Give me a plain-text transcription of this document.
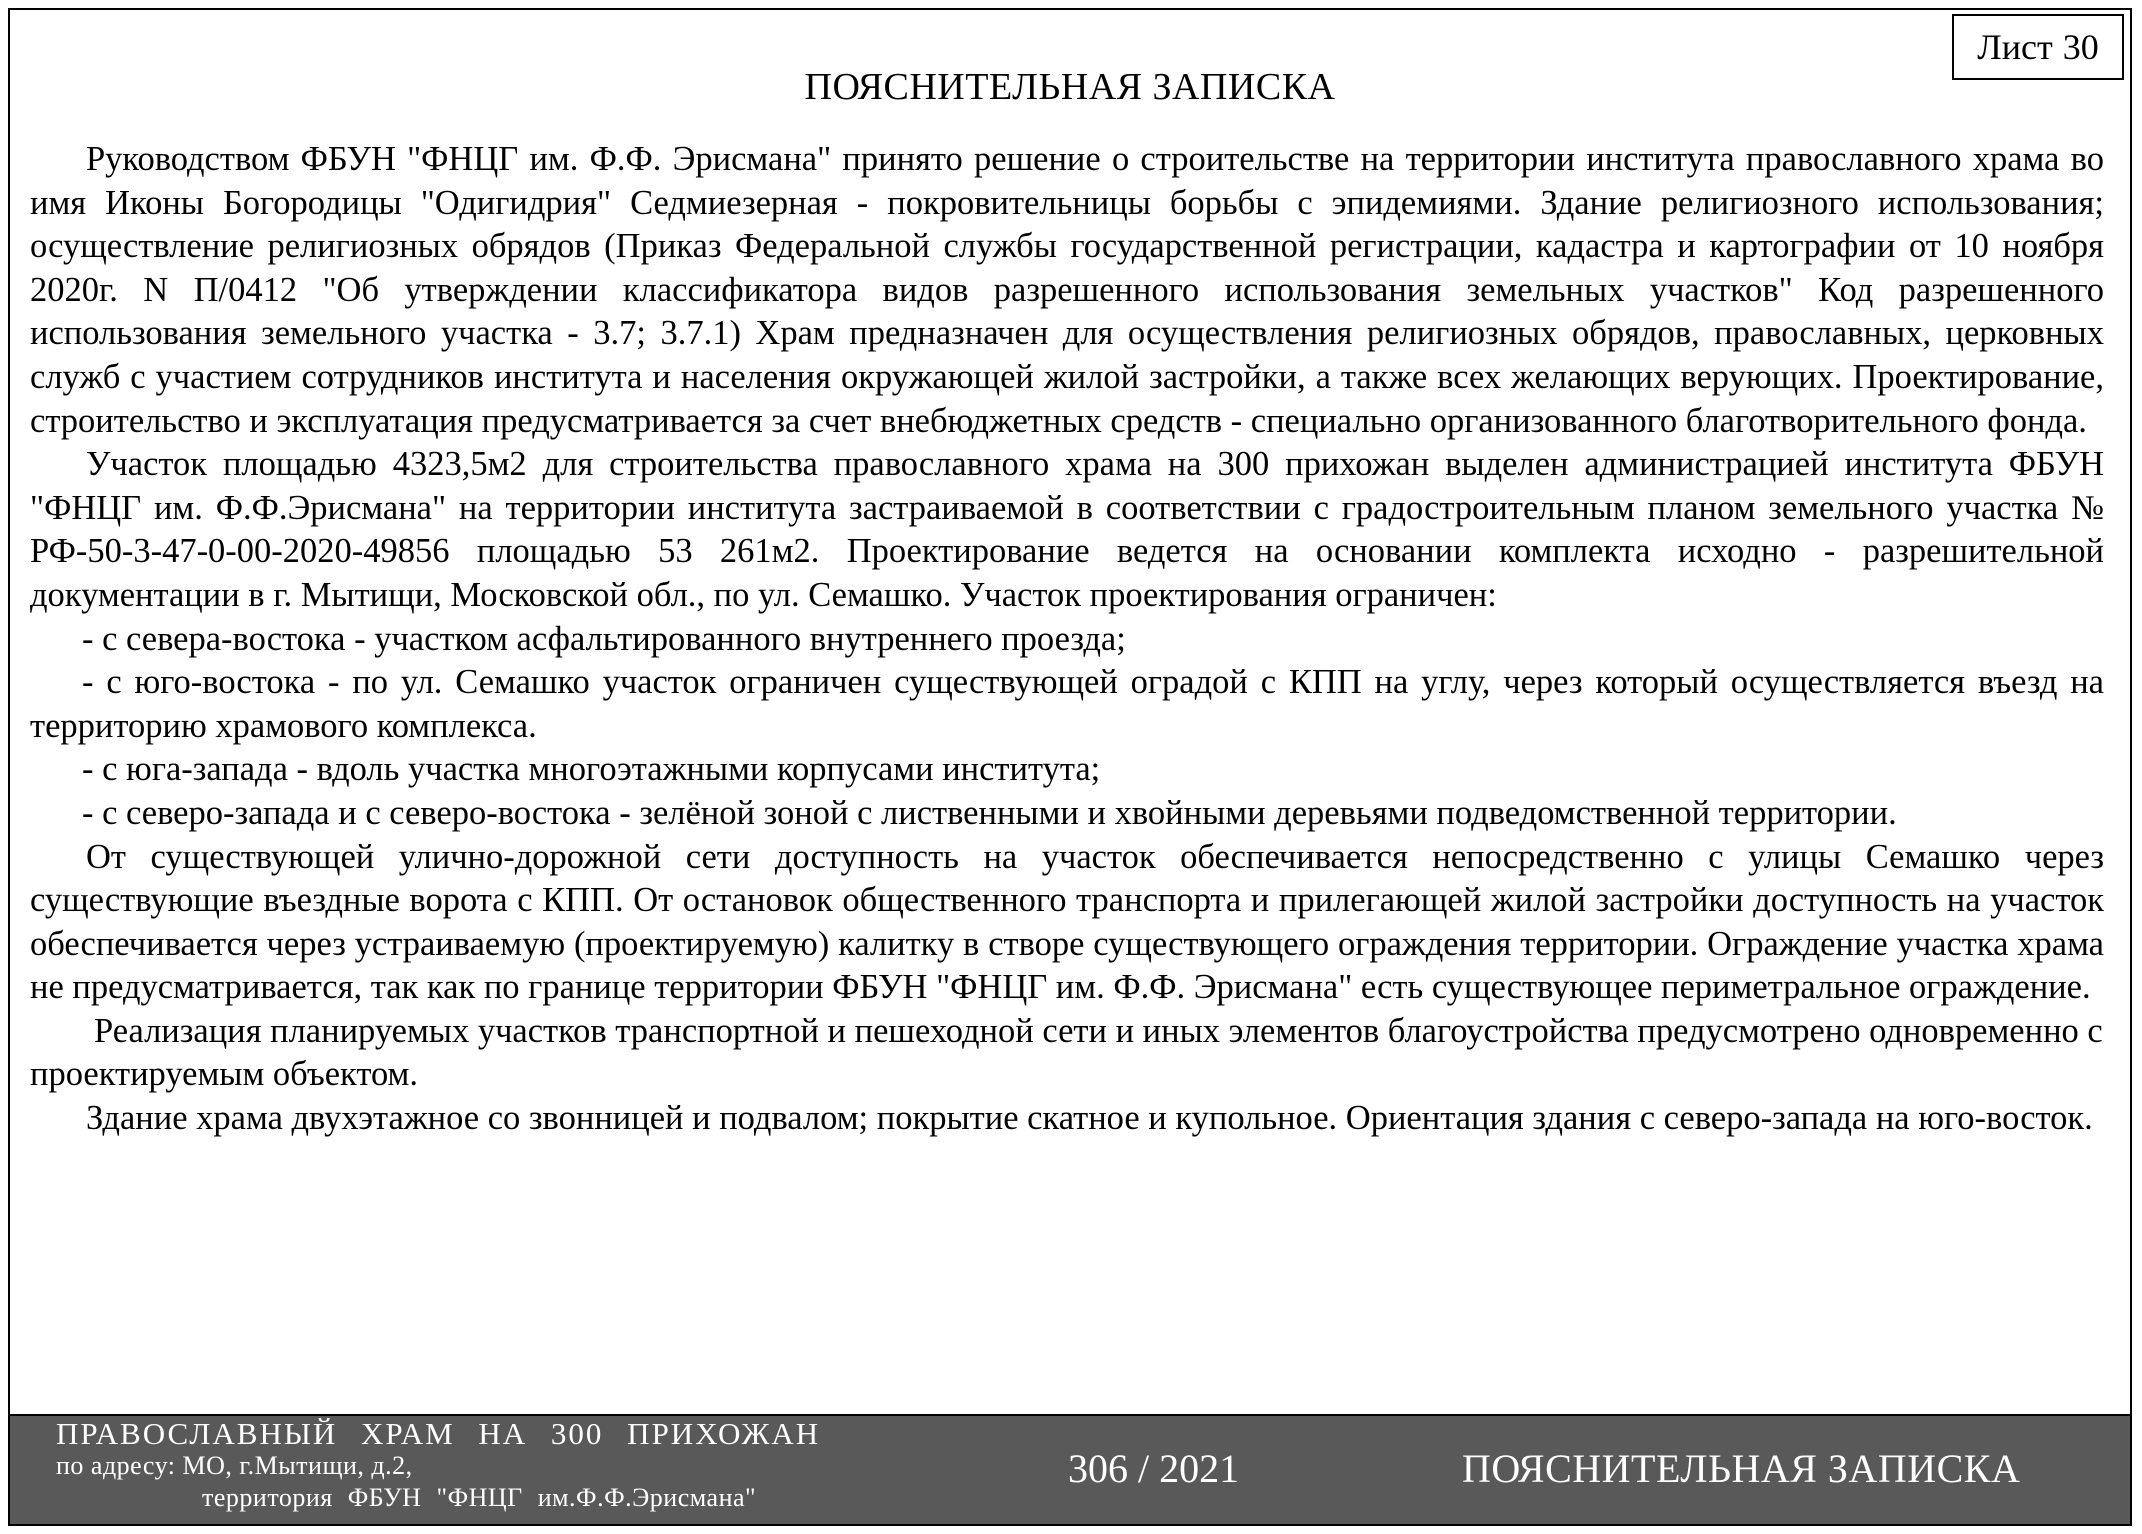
Лист 30
ПОЯСНИТЕЛЬНАЯ ЗАПИСКА

Руководством ФБУН "ФНЦГ им. Ф.Ф. Эрисмана" принято решение о строительстве на территории института православного храма во имя Иконы Богородицы "Одигидрия" Седмиезерная - покровительницы борьбы с эпидемиями. Здание религиозного использования; осуществление религиозных обрядов (Приказ Федеральной службы государственной регистрации, кадастра и картографии от 10 ноября 2020г. N П/0412 "Об утверждении классификатора видов разрешенного использования земельных участков" Код разрешенного использования земельного участка - 3.7; 3.7.1) Храм предназначен для осуществления религиозных обрядов, православных, церковных служб с участием сотрудников института и населения окружающей жилой застройки, а также всех желающих верующих. Проектирование, строительство и эксплуатация предусматривается за счет внебюджетных средств - специально организованного благотворительного фонда.

Участок площадью 4323,5м2 для строительства православного храма на 300 прихожан выделен администрацией института ФБУН "ФНЦГ им. Ф.Ф.Эрисмана" на территории института застраиваемой в соответствии с градостроительным планом земельного участка № РФ-50-3-47-0-00-2020-49856 площадью 53 261м2. Проектирование ведется на основании комплекта исходно - разрешительной документации в г. Мытищи, Московской обл., по ул. Семашко. Участок проектирования ограничен:

- с севера-востока - участком асфальтированного внутреннего проезда;

- с юго-востока - по ул. Семашко участок ограничен существующей оградой с КПП на углу, через который осуществляется въезд на территорию храмового комплекса.

- с юга-запада - вдоль участка многоэтажными корпусами института;

- с северо-запада и с северо-востока - зелёной зоной с лиственными и хвойными деревьями подведомственной территории.

От существующей улично-дорожной сети доступность на участок обеспечивается непосредственно с улицы Семашко через существующие въездные ворота с КПП. От остановок общественного транспорта и прилегающей жилой застройки доступность на участок обеспечивается через устраиваемую (проектируемую) калитку в створе существующего ограждения территории. Ограждение участка храма не предусматривается, так как по границе территории ФБУН "ФНЦГ им. Ф.Ф. Эрисмана" есть существующее периметральное ограждение.

Реализация планируемых участков транспортной и пешеходной сети и иных элементов благоустройства предусмотрено одновременно с проектируемым объектом.

Здание храма двухэтажное со звонницей и подвалом; покрытие скатное и купольное. Ориентация здания с северо-запада на юго-восток.

ПРАВОСЛАВНЫЙ ХРАМ НА 300 ПРИХОЖАН
по адресу: МО, г.Мытищи, д.2,
территория ФБУН "ФНЦГ им.Ф.Ф.Эрисмана"
306 / 2021	ПОЯСНИТЕЛЬНАЯ ЗАПИСКА
